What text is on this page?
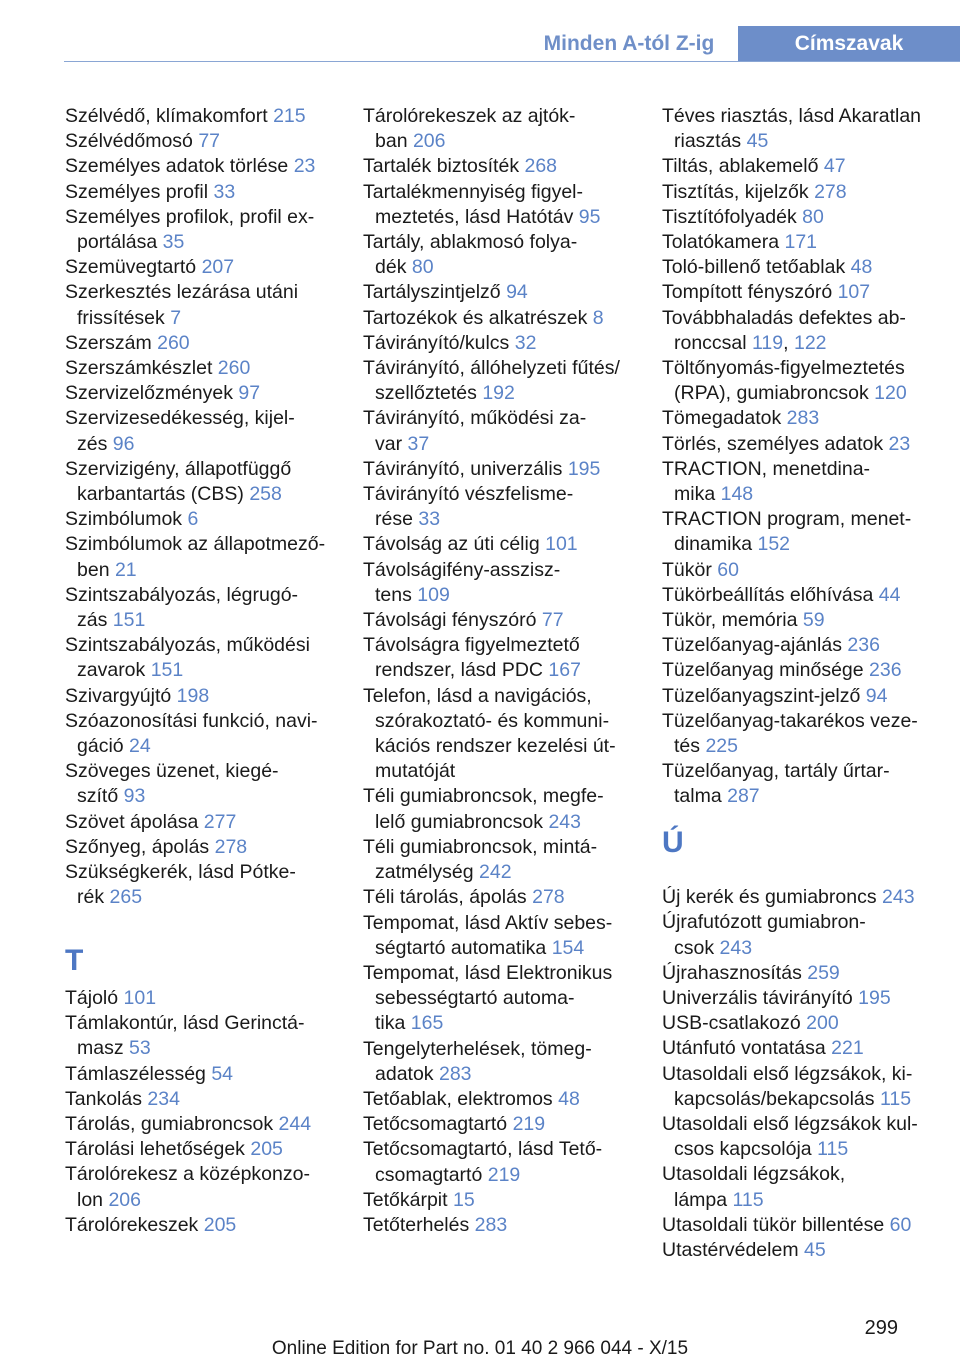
Minden A-tól Z-ig	Címszavak
Szélvédő, klímakomfort 215
Szélvédőmosó 77
Személyes adatok törlése 23
Személyes profil 33
Személyes profilok, profil ex‐
portálása 35
Szemüvegtartó 207
Szerkesztés lezárása utáni
frissítések 7
Szerszám 260
Szerszámkészlet 260
Szervizelőzmények 97
Szervizesedékesség, kijel‐
zés 96
Szervizigény, állapotfüggő
karbantartás (CBS) 258
Szimbólumok 6
Szimbólumok az állapotmező‐
ben 21
Szintszabályozás, légrugó‐
zás 151
Szintszabályozás, működési
zavarok 151
Szivargyújtó 198
Szóazonosítási funkció, navi‐
gáció 24
Szöveges üzenet, kiegé‐
szítő 93
Szövet ápolása 277
Szőnyeg, ápolás 278
Szükségkerék, lásd Pótke‐
rék 265
T
Tájoló 101
Támlakontúr, lásd Gerinctá‐
masz 53
Támlaszélesség 54
Tankolás 234
Tárolás, gumiabroncsok 244
Tárolási lehetőségek 205
Tárolórekesz a középkonzo‐
lon 206
Tárolórekeszek 205
Tárolórekeszek az ajtók‐
ban 206
Tartalék biztosíték 268
Tartalékmennyiség figyel‐
meztetés, lásd Hatótáv 95
Tartály, ablakmosó folya‐
dék 80
Tartályszintjelző 94
Tartozékok és alkatrészek 8
Távirányító/kulcs 32
Távirányító, állóhelyzeti fűtés/
szellőztetés 192
Távirányító, működési za‐
var 37
Távirányító, univerzális 195
Távirányító vészfelisme‐
rése 33
Távolság az úti célig 101
Távolságifény-asszisz‐
tens 109
Távolsági fényszóró 77
Távolságra figyelmeztető
rendszer, lásd PDC 167
Telefon, lásd a navigációs,
szórakoztató- és kommuni‐
kációs rendszer kezelési út‐
mutatóját
Téli gumiabroncsok, megfe‐
lelő gumiabroncsok 243
Téli gumiabroncsok, mintá‐
zatmélység 242
Téli tárolás, ápolás 278
Tempomat, lásd Aktív sebes‐
ségtartó automatika 154
Tempomat, lásd Elektronikus
sebességtartó automa‐
tika 165
Tengelyterhelések, tömeg‐
adatok 283
Tetőablak, elektromos 48
Tetőcsomagtartó 219
Tetőcsomagtartó, lásd Tető‐
csomagtartó 219
Tetőkárpit 15
Tetőterhelés 283
Téves riasztás, lásd Akaratlan
riasztás 45
Tiltás, ablakemelő 47
Tisztítás, kijelzők 278
Tisztítófolyadék 80
Tolatókamera 171
Toló-billenő tetőablak 48
Tompított fényszóró 107
Továbbhaladás defektes ab‐
ronccsal 119, 122
Töltőnyomás-figyelmeztetés
(RPA), gumiabroncsok 120
Tömegadatok 283
Törlés, személyes adatok 23
TRACTION, menetdina‐
mika 148
TRACTION program, menet‐
dinamika 152
Tükör 60
Tükörbeállítás előhívása 44
Tükör, memória 59
Tüzelőanyag-ajánlás 236
Tüzelőanyag minősége 236
Tüzelőanyagszint-jelző 94
Tüzelőanyag-takarékos veze‐
tés 225
Tüzelőanyag, tartály űrtar‐
talma 287
Ú
Új kerék és gumiabroncs 243
Újrafutózott gumiabron‐
csok 243
Újrahasznosítás 259
Univerzális távirányító 195
USB-csatlakozó 200
Utánfutó vontatása 221
Utasoldali első légzsákok, ki‐
kapcsolás/bekapcsolás 115
Utasoldali első légzsákok kul‐
csos kapcsolója 115
Utasoldali légzsákok,
lámpa 115
Utasoldali tükör billentése 60
Utastérvédelem 45
299
Online Edition for Part no. 01 40 2 966 044 - X/15
